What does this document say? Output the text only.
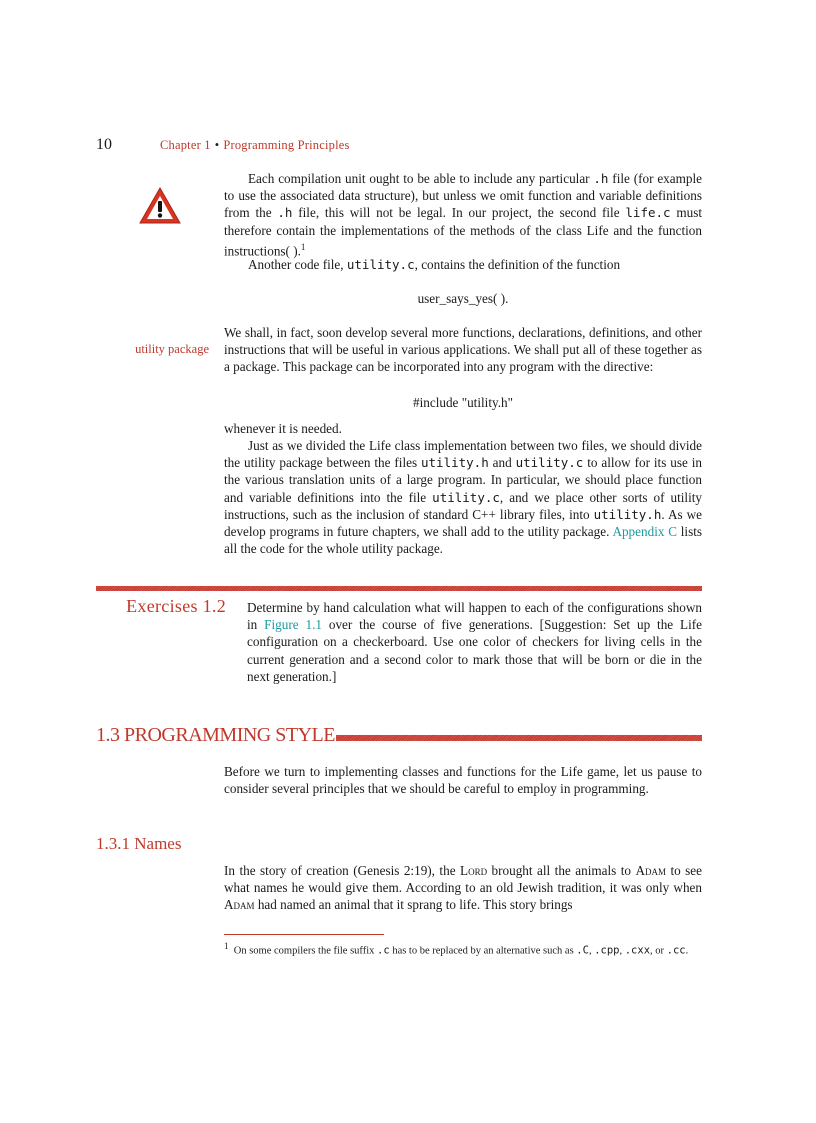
10	Chapter 1 • Programming Principles
Each compilation unit ought to be able to include any particular .h file (for example to use the associated data structure), but unless we omit function and variable definitions from the .h file, this will not be legal. In our project, the second file life.c must therefore contain the implementations of the methods of the class Life and the function instructions( ).$^1$
Another code file, utility.c, contains the definition of the function
user_says_yes( ).
utility package
We shall, in fact, soon develop several more functions, declarations, definitions, and other instructions that will be useful in various applications. We shall put all of these together as a package. This package can be incorporated into any program with the directive:
#include "utility.h"
whenever it is needed.
Just as we divided the Life class implementation between two files, we should divide the utility package between the files utility.h and utility.c to allow for its use in the various translation units of a large program. In particular, we should place function and variable definitions into the file utility.c, and we place other sorts of utility instructions, such as the inclusion of standard C++ library files, into utility.h. As we develop programs in future chapters, we shall add to the utility package. Appendix C lists all the code for the whole utility package.
Exercises 1.2 Determine by hand calculation what will happen to each of the configurations shown in Figure 1.1 over the course of five generations. [Suggestion: Set up the Life configuration on a checkerboard. Use one color of checkers for living cells in the current generation and a second color to mark those that will be born or die in the next generation.]
1.3 PROGRAMMING STYLE
Before we turn to implementing classes and functions for the Life game, let us pause to consider several principles that we should be careful to employ in programming.
1.3.1 Names
In the story of creation (Genesis 2:19), the Lord brought all the animals to Adam to see what names he would give them. According to an old Jewish tradition, it was only when Adam had named an animal that it sprang to life. This story brings
$^1$ On some compilers the file suffix .c has to be replaced by an alternative such as .C, .cpp, .cxx, or .cc.
